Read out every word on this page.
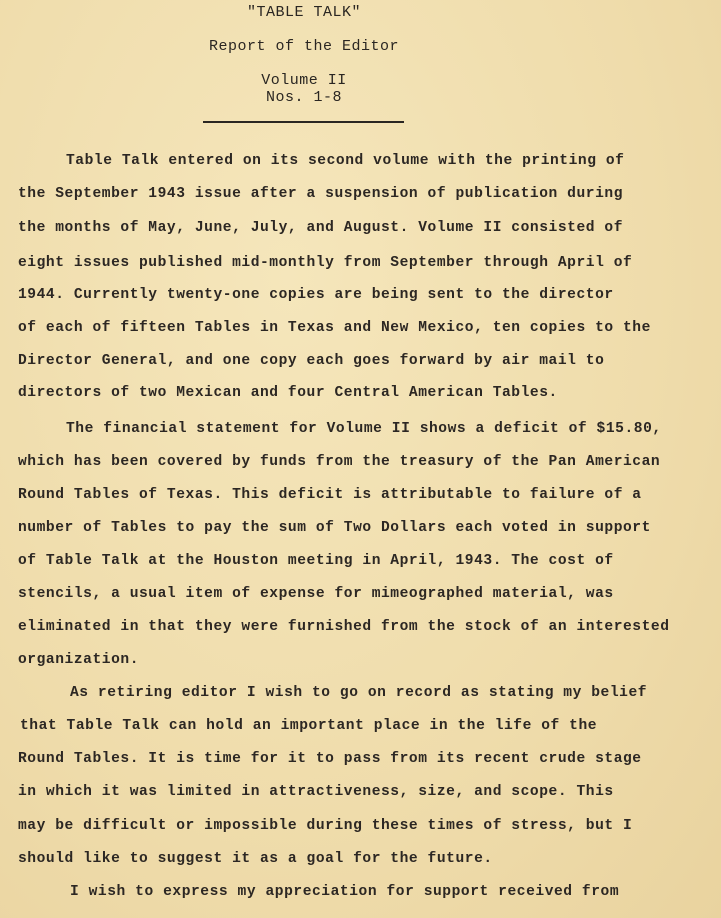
"TABLE TALK"
Report of the Editor
Volume II
Nos. 1-8
Table Talk entered on its second volume with the printing of
the September 1943 issue after a suspension of publication during
the months of May, June, July, and August. Volume II consisted of
eight issues published mid-monthly from September through April of
1944. Currently twenty-one copies are being sent to the director
of each of fifteen Tables in Texas and New Mexico, ten copies to the
Director General, and one copy each goes forward by air mail to
directors of two Mexican and four Central American Tables.
The financial statement for Volume II shows a deficit of $15.80,
which has been covered by funds from the treasury of the Pan American
Round Tables of Texas. This deficit is attributable to failure of a
number of Tables to pay the sum of Two Dollars each voted in support
of Table Talk at the Houston meeting in April, 1943. The cost of
stencils, a usual item of expense for mimeographed material, was
eliminated in that they were furnished from the stock of an interested
organization.
As retiring editor I wish to go on record as stating my belief
that Table Talk can hold an important place in the life of the
Round Tables. It is time for it to pass from its recent crude stage
in which it was limited in attractiveness, size, and scope. This
may be difficult or impossible during these times of stress, but I
should like to suggest it as a goal for the future.
I wish to express my appreciation for support received from
